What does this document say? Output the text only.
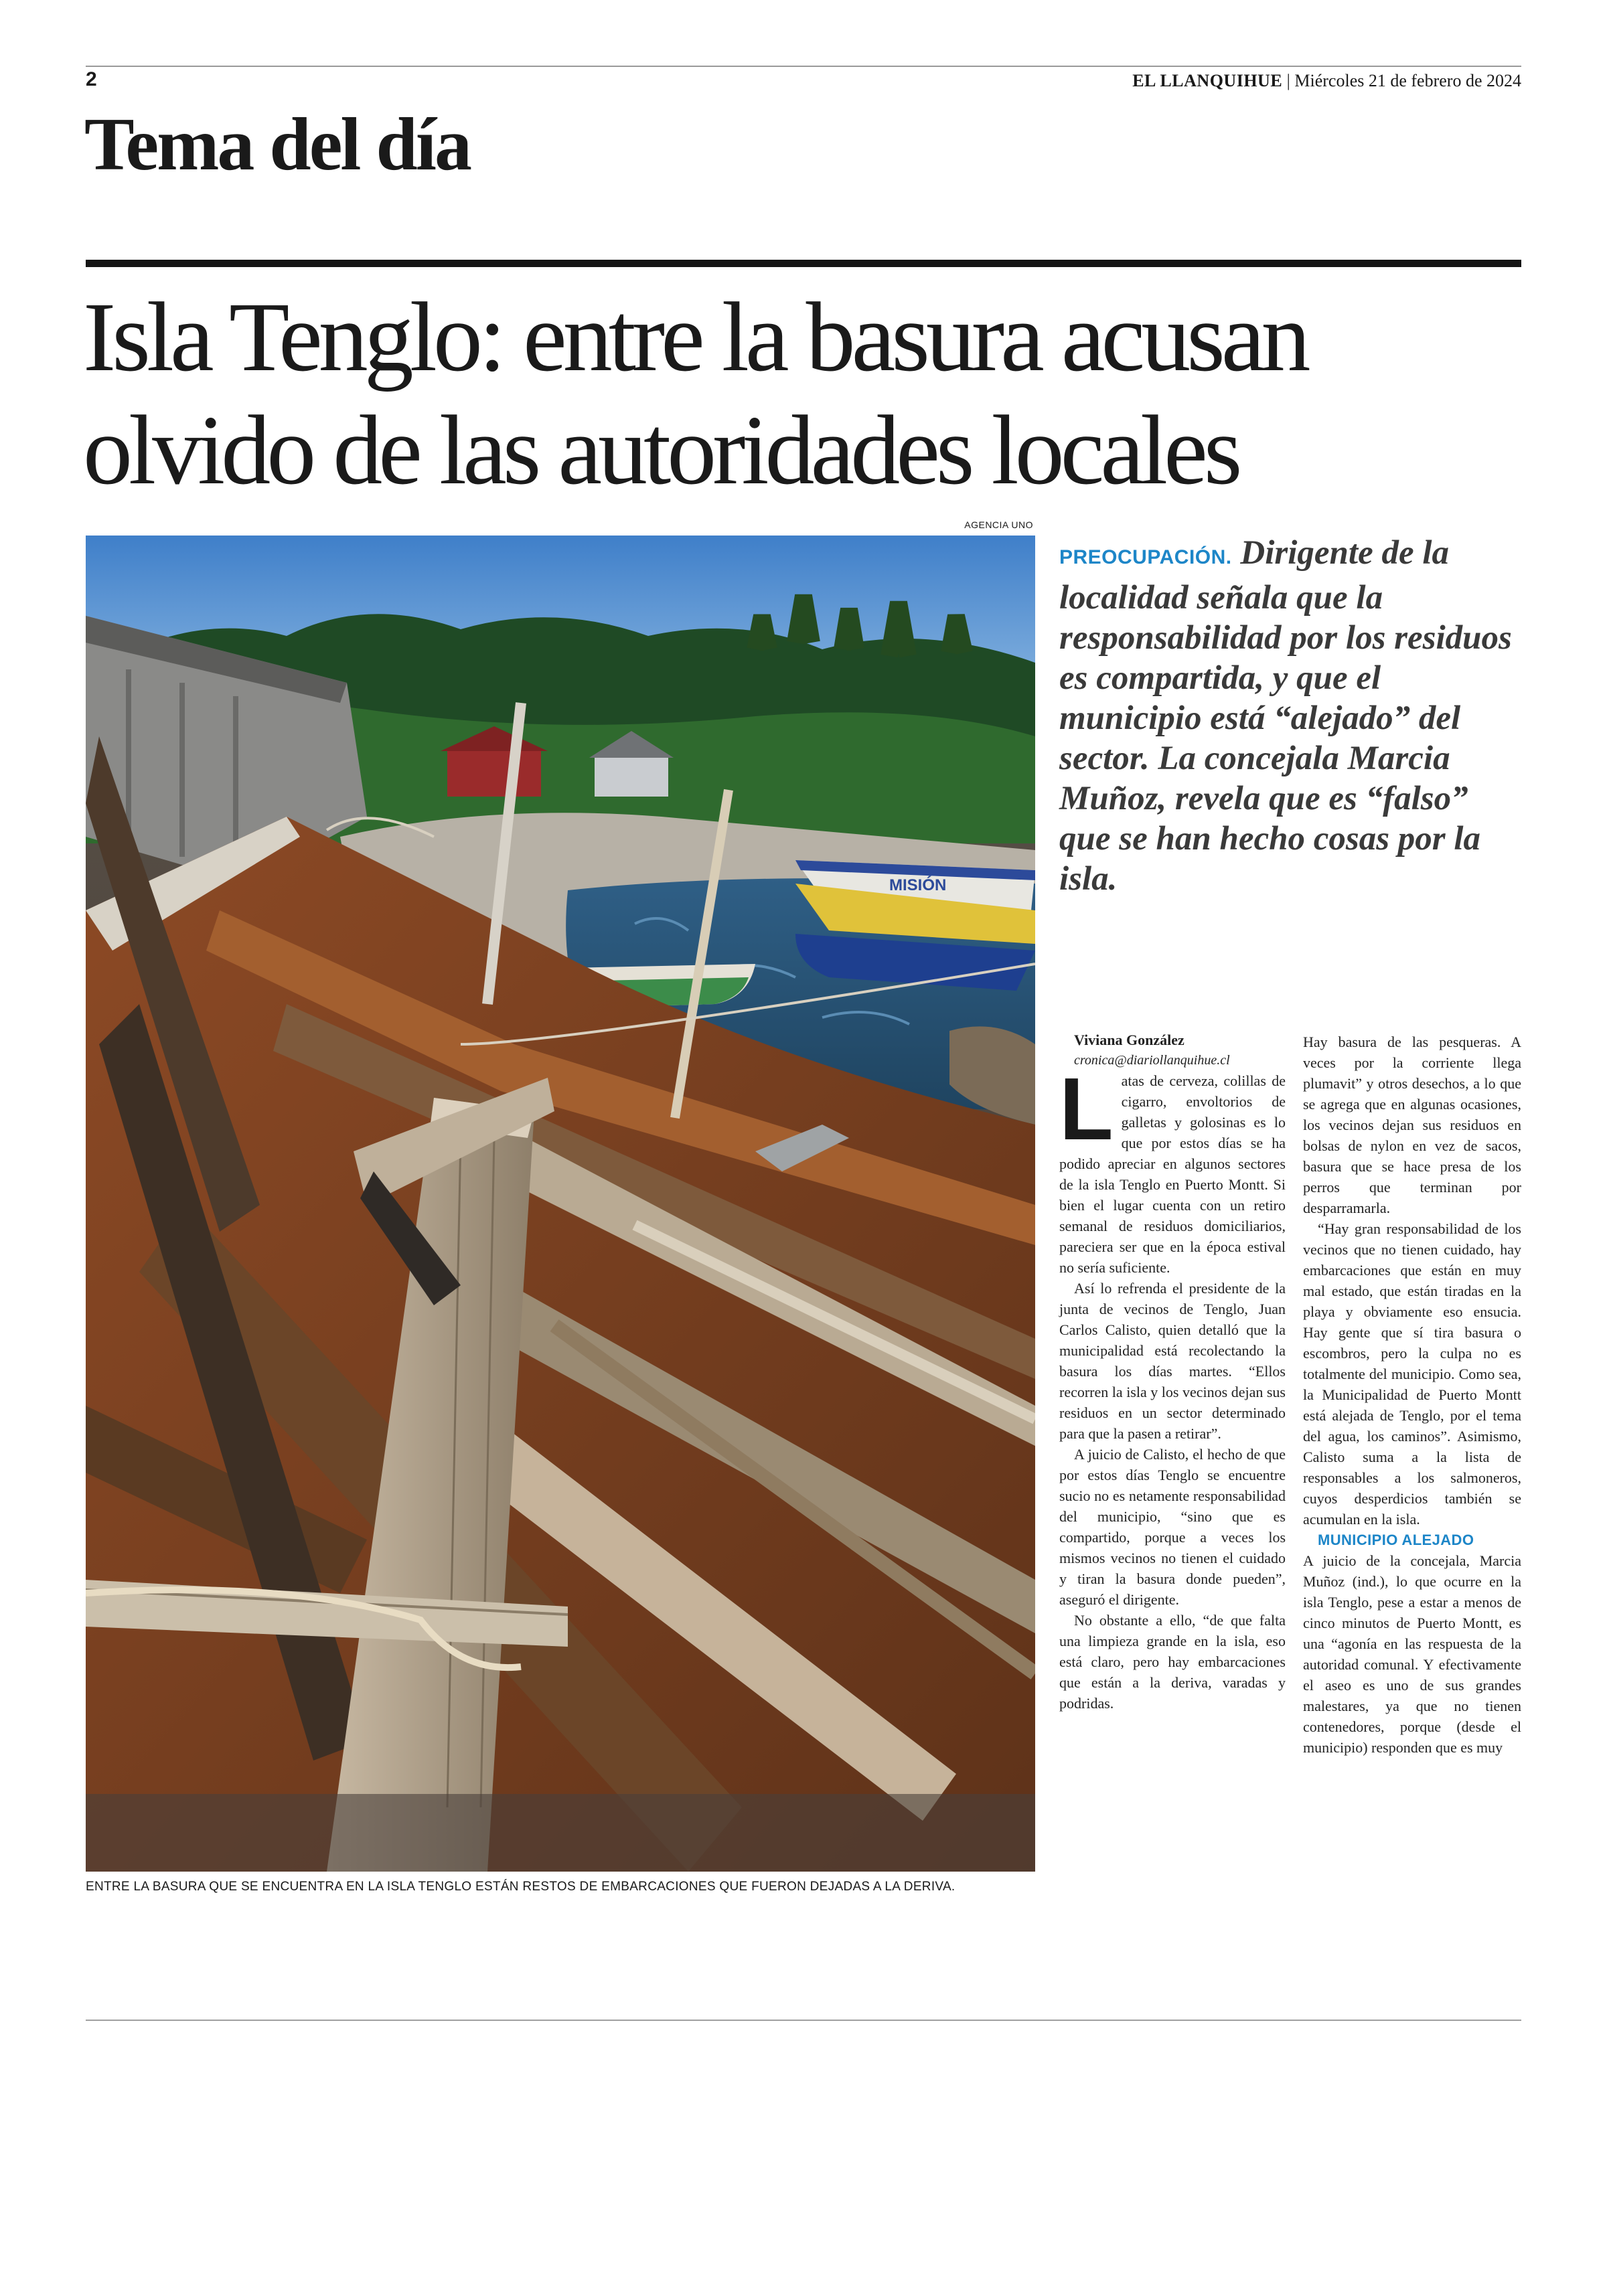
2	EL LLANQUIHUE | Miércoles 21 de febrero de 2024
Tema del día
Isla Tenglo: entre la basura acusan olvido de las autoridades locales
AGENCIA UNO
MISIÓN
ENTRE LA BASURA QUE SE ENCUENTRA EN LA ISLA TENGLO ESTÁN RESTOS DE EMBARCACIONES QUE FUERON DEJADAS A LA DERIVA.
PREOCUPACIÓN. Dirigente de la localidad señala que la responsabilidad por los residuos es compartida, y que el municipio está “alejado” del sector. La concejala Marcia Muñoz, revela que es “falso” que se han hecho cosas por la isla.

Viviana González

cronica@diariollanquihue.cl

Latas de cerveza, colillas de cigarro, envoltorios de galletas y golosinas es lo que por estos días se ha podido apreciar en algunos sectores de la isla Tenglo en Puerto Montt. Si bien el lugar cuenta con un retiro semanal de residuos domiciliarios, pareciera ser que en la época estival no sería suficiente.

Así lo refrenda el presidente de la junta de vecinos de Tenglo, Juan Carlos Calisto, quien detalló que la municipalidad está recolectando la basura los días martes. “Ellos recorren la isla y los vecinos dejan sus residuos en un sector determinado para que la pasen a retirar”.

A juicio de Calisto, el hecho de que por estos días Tenglo se encuentre sucio no es netamente responsabilidad del municipio, “sino que es compartido, porque a veces los mismos vecinos no tienen el cuidado y tiran la basura donde pueden”, aseguró el dirigente.

No obstante a ello, “de que falta una limpieza grande en la isla, eso está claro, pero hay embarcaciones que están a la deriva, varadas y podridas.

Hay basura de las pesqueras. A veces por la corriente llega plumavit” y otros desechos, a lo que se agrega que en algunas ocasiones, los vecinos dejan sus residuos en bolsas de nylon en vez de sacos, basura que se hace presa de los perros que terminan por desparramarla.

“Hay gran responsabilidad de los vecinos que no tienen cuidado, hay embarcaciones que están en muy mal estado, que están tiradas en la playa y obviamente eso ensucia. Hay gente que sí tira basura o escombros, pero la culpa no es totalmente del municipio. Como sea, la Municipalidad de Puerto Montt está alejada de Tenglo, por el tema del agua, los caminos”. Asimismo, Calisto suma a la lista de responsables a los salmoneros, cuyos desperdicios también se acumulan en la isla.

MUNICIPIO ALEJADO

A juicio de la concejala, Marcia Muñoz (ind.), lo que ocurre en la isla Tenglo, pese a estar a menos de cinco minutos de Puerto Montt, es una “agonía en las respuesta de la autoridad comunal. Y efectivamente el aseo es uno de sus grandes malestares, ya que no tienen contenedores, porque (desde el municipio) responden que es muy
